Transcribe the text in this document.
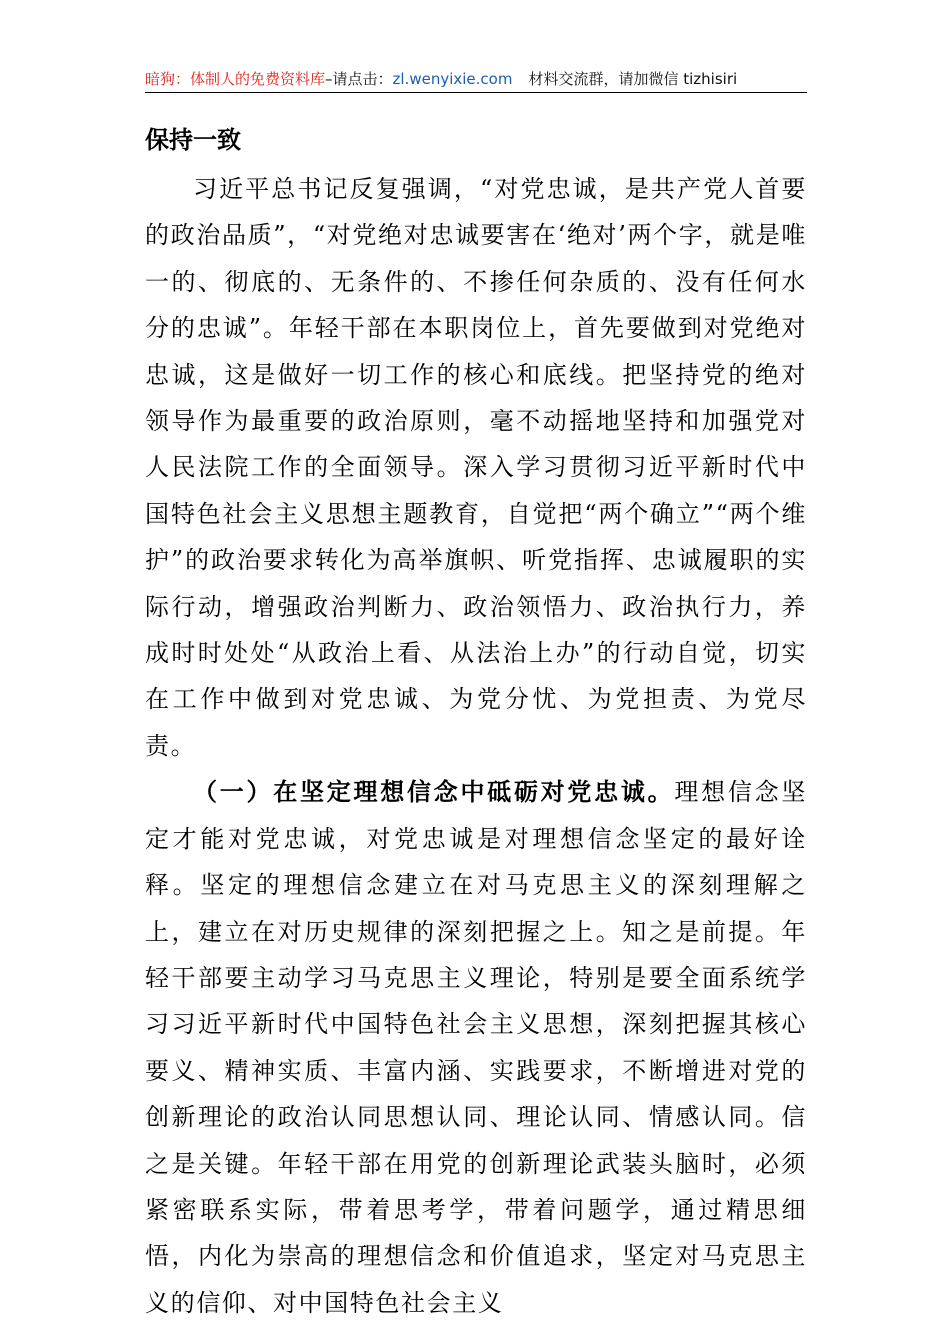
暗狗：体制人的免费资料库–请点击：zl.wenyixie.com 材料交流群，请加微信 tizhisiri
保持一致

习近平总书记反复强调，“对党忠诚，是共产党人首要的政治品质”，“对党绝对忠诚要害在‘绝对’两个字，就是唯一的、彻底的、无条件的、不掺任何杂质的、没有任何水分的忠诚”。年轻干部在本职岗位上，首先要做到对党绝对忠诚，这是做好一切工作的核心和底线。把坚持党的绝对领导作为最重要的政治原则，毫不动摇地坚持和加强党对人民法院工作的全面领导。深入学习贯彻习近平新时代中国特色社会主义思想主题教育，自觉把“两个确立”“两个维护”的政治要求转化为高举旗帜、听党指挥、忠诚履职的实际行动，增强政治判断力、政治领悟力、政治执行力，养成时时处处“从政治上看、从法治上办”的行动自觉，切实在工作中做到对党忠诚、为党分忧、为党担责、为党尽责。

（一）在坚定理想信念中砥砺对党忠诚。理想信念坚定才能对党忠诚，对党忠诚是对理想信念坚定的最好诠释。坚定的理想信念建立在对马克思主义的深刻理解之上，建立在对历史规律的深刻把握之上。知之是前提。年轻干部要主动学习马克思主义理论，特别是要全面系统学习习近平新时代中国特色社会主义思想，深刻把握其核心要义、精神实质、丰富内涵、实践要求，不断增进对党的创新理论的政治认同思想认同、理论认同、情感认同。信之是关键。年轻干部在用党的创新理论武装头脑时，必须紧密联系实际，带着思考学，带着问题学，通过精思细悟，内化为崇高的理想信念和价值追求，坚定对马克思主义的信仰、对中国特色社会主义
